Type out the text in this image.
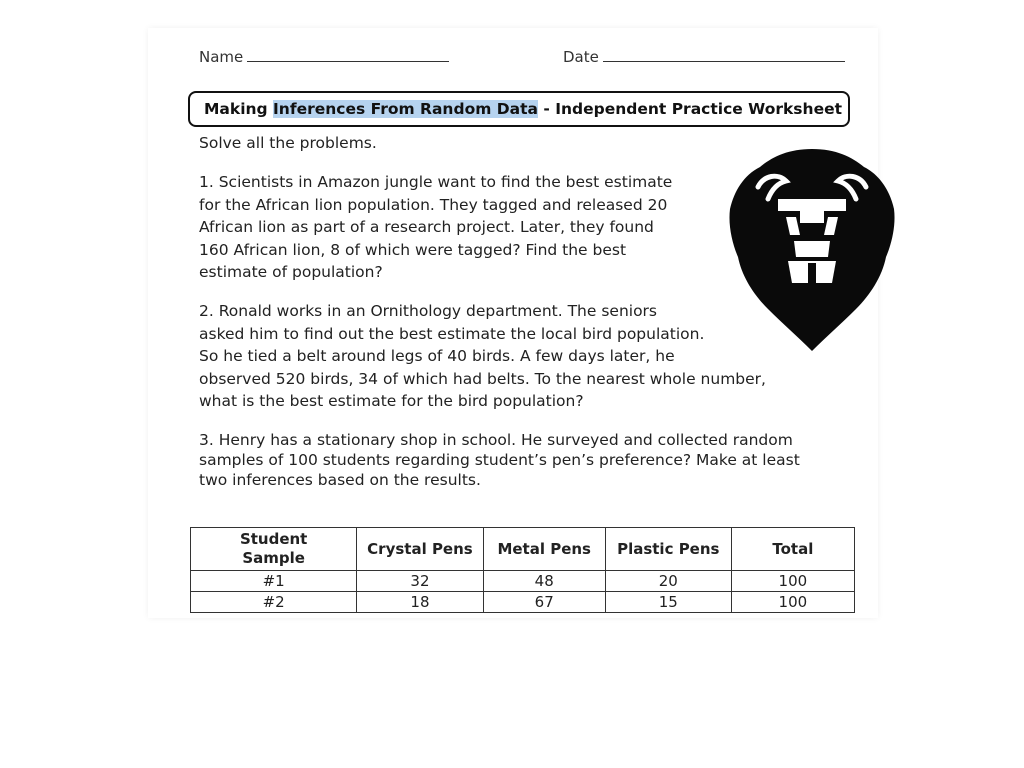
Name	Date
Making Inferences From Random Data - Independent Practice Worksheet
Solve all the problems.
1. Scientists in Amazon jungle want to find the best estimate
for the African lion population. They tagged and released 20
African lion as part of a research project. Later, they found
160 African lion, 8 of which were tagged? Find the best
estimate of population?
2. Ronald works in an Ornithology department. The seniors
asked him to find out the best estimate the local bird population.
So he tied a belt around legs of 40 birds. A few days later, he
observed 520 birds, 34 of which had belts. To the nearest whole number,
what is the best estimate for the bird population?
3. Henry has a stationary shop in school. He surveyed and collected random
samples of 100 students regarding student’s pen’s preference? Make at least
two inferences based on the results.
Student Sample	Crystal Pens	Metal Pens	Plastic Pens	Total
#1	32	48	20	100
#2	18	67	15	100
